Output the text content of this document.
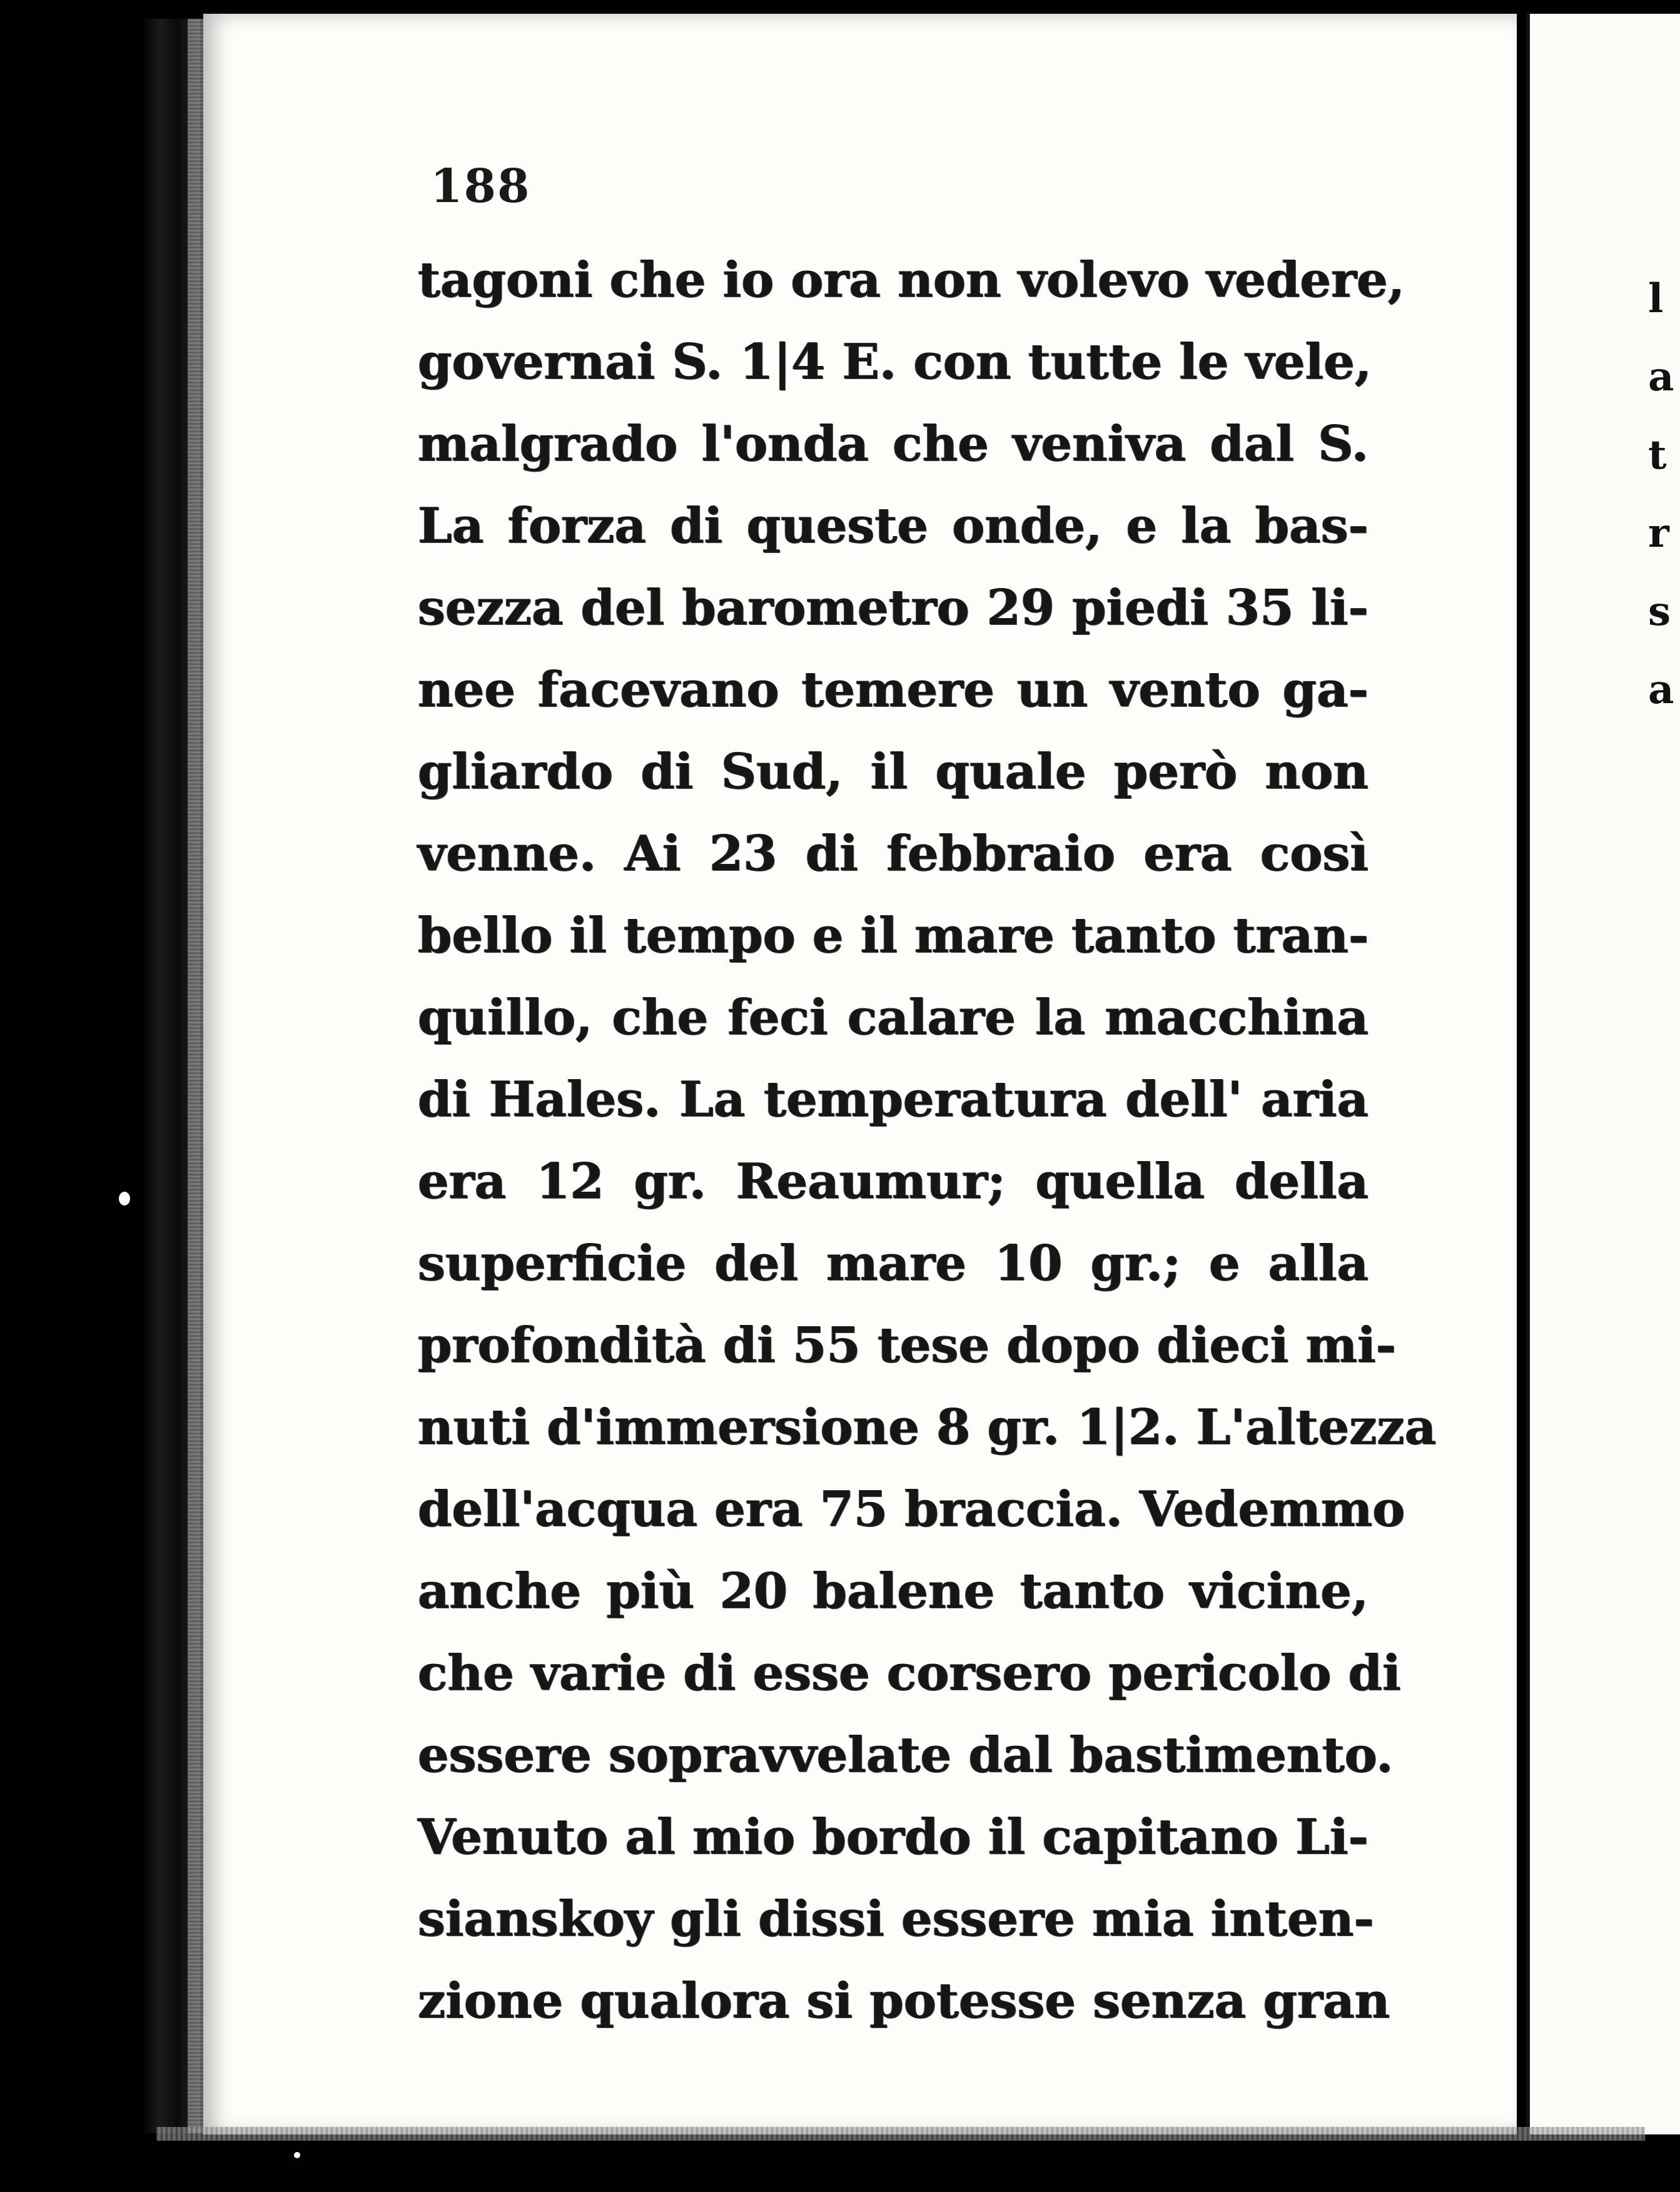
l
a
t
r
s
a
188
tagoni che io ora non volevo vedere,
governai S. 1|4 E. con tutte le vele,
malgrado l'onda che veniva dal S.
La forza di queste onde, e la bas-
sezza del barometro 29 piedi 35 li-
nee facevano temere un vento ga-
gliardo di Sud, il quale però non
venne. Ai 23 di febbraio era così
bello il tempo e il mare tanto tran-
quillo, che feci calare la macchina
di Hales. La temperatura dell' aria
era 12 gr. Reaumur; quella della
superficie del mare 10 gr.; e alla
profondità di 55 tese dopo dieci mi-
nuti d'immersione 8 gr. 1|2. L'altezza
dell'acqua era 75 braccia. Vedemmo
anche più 20 balene tanto vicine,
che varie di esse corsero pericolo di
essere sopravvelate dal bastimento.
Venuto al mio bordo il capitano Li-
sianskoy gli dissi essere mia inten-
zione qualora si potesse senza gran
